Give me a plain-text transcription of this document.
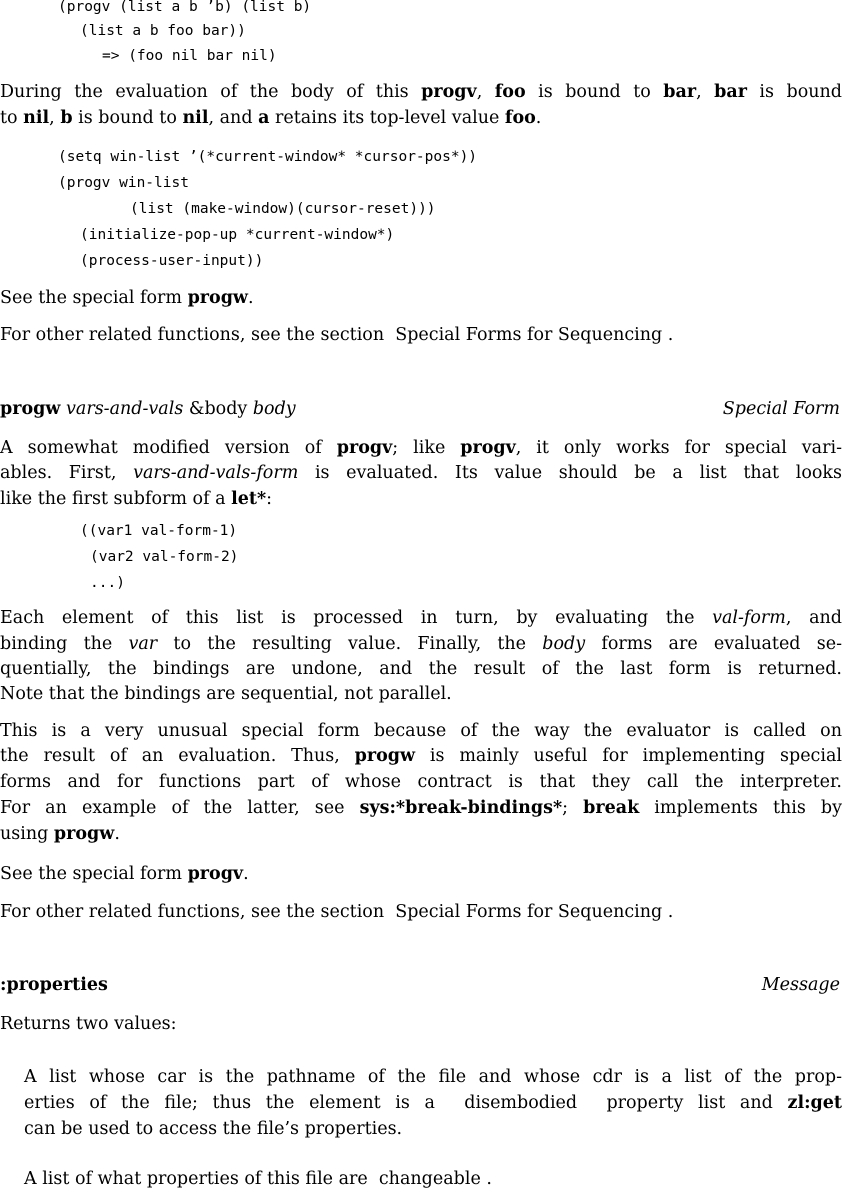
(progv (list a b ’b) (list b)
(list a b foo bar))
=> (foo nil bar nil)
During the evaluation of the body of this progv, foo is bound to bar, bar is bound
to nil, b is bound to nil, and a retains its top-level value foo.
(setq win-list ’(*current-window* *cursor-pos*))
(progv win-list
(list (make-window)(cursor-reset)))
(initialize-pop-up *current-window*)
(process-user-input))
See the special form progw.
For other related functions, see the section  Special Forms for Sequencing .
progw vars-and-vals &body body	Special Form
A somewhat modified version of progv; like progv, it only works for special vari-
ables. First, vars-and-vals-form is evaluated. Its value should be a list that looks
like the first subform of a let*:
((var1 val-form-1)
(var2 val-form-2)
...)
Each element of this list is processed in turn, by evaluating the val-form, and
binding the var to the resulting value. Finally, the body forms are evaluated se-
quentially, the bindings are undone, and the result of the last form is returned.
Note that the bindings are sequential, not parallel.
This is a very unusual special form because of the way the evaluator is called on
the result of an evaluation. Thus, progw is mainly useful for implementing special
forms and for functions part of whose contract is that they call the interpreter.
For an example of the latter, see sys:*break-bindings*; break implements this by
using progw.
See the special form progv.
For other related functions, see the section  Special Forms for Sequencing .
:properties	Message
Returns two values:
A list whose car is the pathname of the file and whose cdr is a list of the prop-
erties of the file; thus the element is a  disembodied  property list and zl:get
can be used to access the file’s properties.
A list of what properties of this file are  changeable .
